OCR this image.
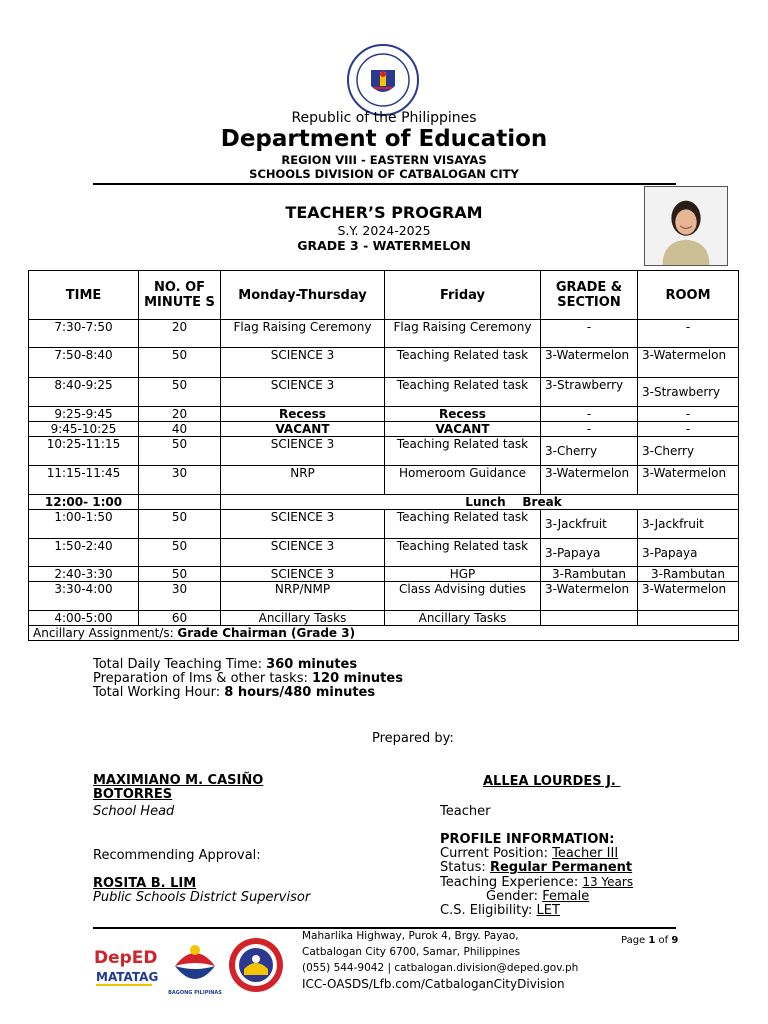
Republic of the Philippines
Department of Education
REGION VIII - EASTERN VISAYAS
SCHOOLS DIVISION OF CATBALOGAN CITY
TEACHER’S PROGRAM
S.Y. 2024-2025
GRADE 3 - WATERMELON
TIME	NO. OF MINUTE S	Monday-Thursday	Friday	GRADE & SECTION	ROOM
7:30-7:50	20	Flag Raising Ceremony	Flag Raising Ceremony	-	-
7:50-8:40	50	SCIENCE 3	Teaching Related task	3-Watermelon	3-Watermelon
8:40-9:25	50	SCIENCE 3	Teaching Related task	3-Strawberry	3-Strawberry
9:25-9:45	20	Recess	Recess	-	-
9:45-10:25	40	VACANT	VACANT	-	-
10:25-11:15	50	SCIENCE 3	Teaching Related task	3-Cherry	3-Cherry
11:15-11:45	30	NRP	Homeroom Guidance	3-Watermelon	3-Watermelon
12:00- 1:00		Lunch    Break			
1:00-1:50	50	SCIENCE 3	Teaching Related task	3-Jackfruit	3-Jackfruit
1:50-2:40	50	SCIENCE 3	Teaching Related task	3-Papaya	3-Papaya
2:40-3:30	50	SCIENCE 3	HGP	3-Rambutan	3-Rambutan
3:30-4:00	30	NRP/NMP	Class Advising duties	3-Watermelon	3-Watermelon
4:00-5:00	60	Ancillary Tasks	Ancillary Tasks		
Ancillary Assignment/s: Grade Chairman (Grade 3)					
Total Daily Teaching Time: 360 minutes
Preparation of Ims & other tasks: 120 minutes
Total Working Hour: 8 hours/480 minutes
Prepared by:
MAXIMIANO M. CASIÑO BOTORRES
School Head
ALLEA LOURDES J.
Teacher
Recommending Approval:
ROSITA B. LIM
Public Schools District Supervisor
PROFILE INFORMATION:
Current Position: Teacher III
Status: Regular Permanent
Teaching Experience: 13 Years
Gender: Female
C.S. Eligibility: LET
DepED
MATATAG
BAGONG PILIPINAS
Maharlika Highway, Purok 4, Brgy. Payao,
Catbalogan City 6700, Samar, Philippines
(055) 544-9042 | catbalogan.division@deped.gov.ph
ICC-OASDS/Lfb.com/CatbaloganCityDivision
Page 1 of 9
